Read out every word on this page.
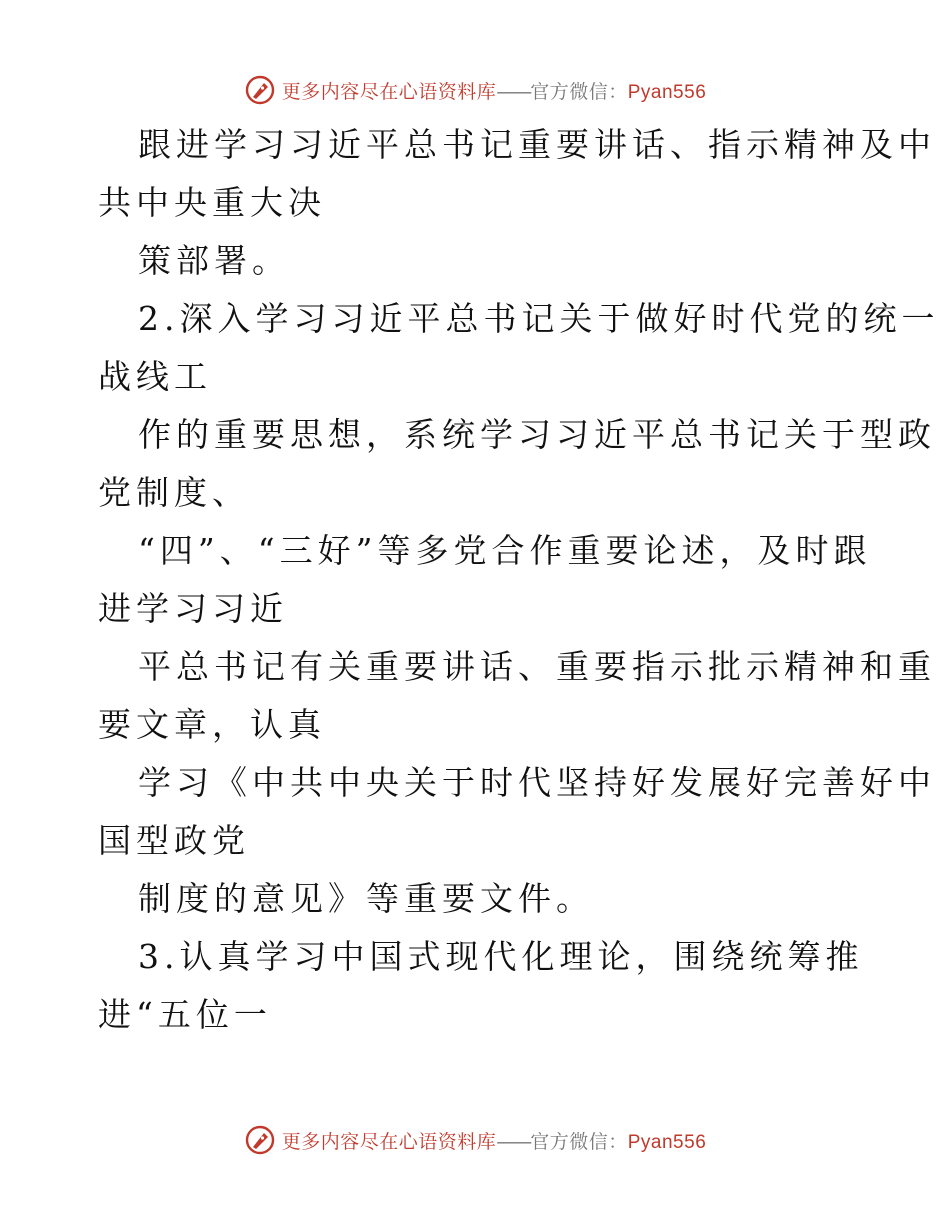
更多内容尽在心语资料库——官方微信：Pyan556
跟进学习习近平总书记重要讲话、指示精神及中
共中央重大决
策部署。
2.深入学习习近平总书记关于做好时代党的统一
战线工
作的重要思想，系统学习习近平总书记关于型政
党制度、
“四”、“三好”等多党合作重要论述，及时跟
进学习习近
平总书记有关重要讲话、重要指示批示精神和重
要文章，认真
学习《中共中央关于时代坚持好发展好完善好中
国型政党
制度的意见》等重要文件。
3.认真学习中国式现代化理论，围绕统筹推
进“五位一
更多内容尽在心语资料库——官方微信：Pyan556
